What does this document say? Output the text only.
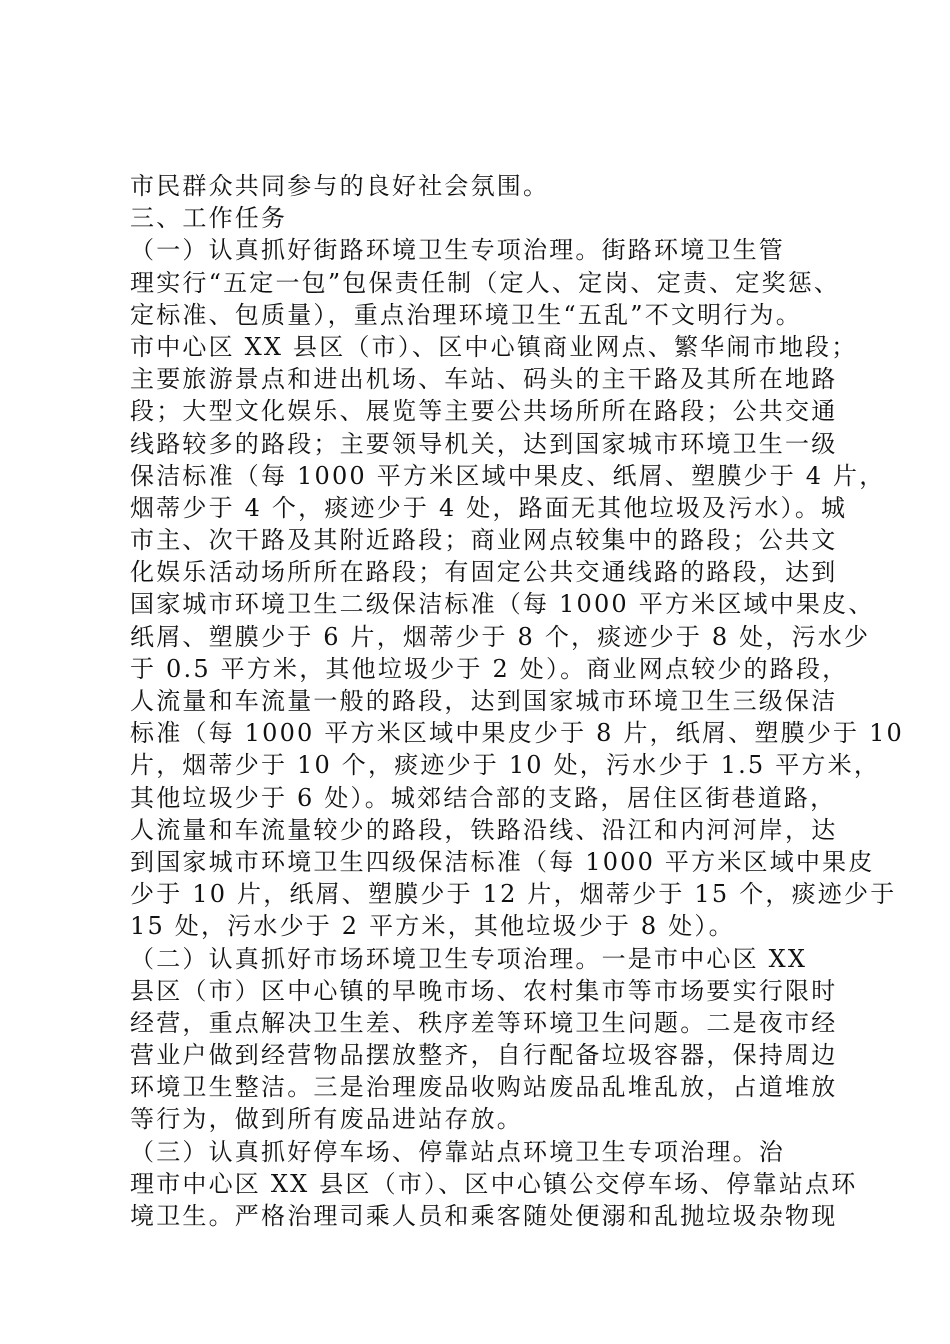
市民群众共同参与的良好社会氛围。
三、工作任务
（一）认真抓好街路环境卫生专项治理。街路环境卫生管
理实行“五定一包”包保责任制（定人、定岗、定责、定奖惩、
定标准、包质量），重点治理环境卫生“五乱”不文明行为。
市中心区 XX 县区（市）、区中心镇商业网点、繁华闹市地段；
主要旅游景点和进出机场、车站、码头的主干路及其所在地路
段；大型文化娱乐、展览等主要公共场所所在路段；公共交通
线路较多的路段；主要领导机关，达到国家城市环境卫生一级
保洁标准（每 1000 平方米区域中果皮、纸屑、塑膜少于 4 片，
烟蒂少于 4 个，痰迹少于 4 处，路面无其他垃圾及污水）。城
市主、次干路及其附近路段；商业网点较集中的路段；公共文
化娱乐活动场所所在路段；有固定公共交通线路的路段，达到
国家城市环境卫生二级保洁标准（每 1000 平方米区域中果皮、
纸屑、塑膜少于 6 片，烟蒂少于 8 个，痰迹少于 8 处，污水少
于 0.5 平方米，其他垃圾少于 2 处）。商业网点较少的路段，
人流量和车流量一般的路段，达到国家城市环境卫生三级保洁
标准（每 1000 平方米区域中果皮少于 8 片，纸屑、塑膜少于 10
片，烟蒂少于 10 个，痰迹少于 10 处，污水少于 1.5 平方米，
其他垃圾少于 6 处）。城郊结合部的支路，居住区街巷道路，
人流量和车流量较少的路段，铁路沿线、沿江和内河河岸，达
到国家城市环境卫生四级保洁标准（每 1000 平方米区域中果皮
少于 10 片，纸屑、塑膜少于 12 片，烟蒂少于 15 个，痰迹少于
15 处，污水少于 2 平方米，其他垃圾少于 8 处）。
（二）认真抓好市场环境卫生专项治理。一是市中心区 XX
县区（市）区中心镇的早晚市场、农村集市等市场要实行限时
经营，重点解决卫生差、秩序差等环境卫生问题。二是夜市经
营业户做到经营物品摆放整齐，自行配备垃圾容器，保持周边
环境卫生整洁。三是治理废品收购站废品乱堆乱放，占道堆放
等行为，做到所有废品进站存放。
（三）认真抓好停车场、停靠站点环境卫生专项治理。治
理市中心区 XX 县区（市）、区中心镇公交停车场、停靠站点环
境卫生。严格治理司乘人员和乘客随处便溺和乱抛垃圾杂物现
